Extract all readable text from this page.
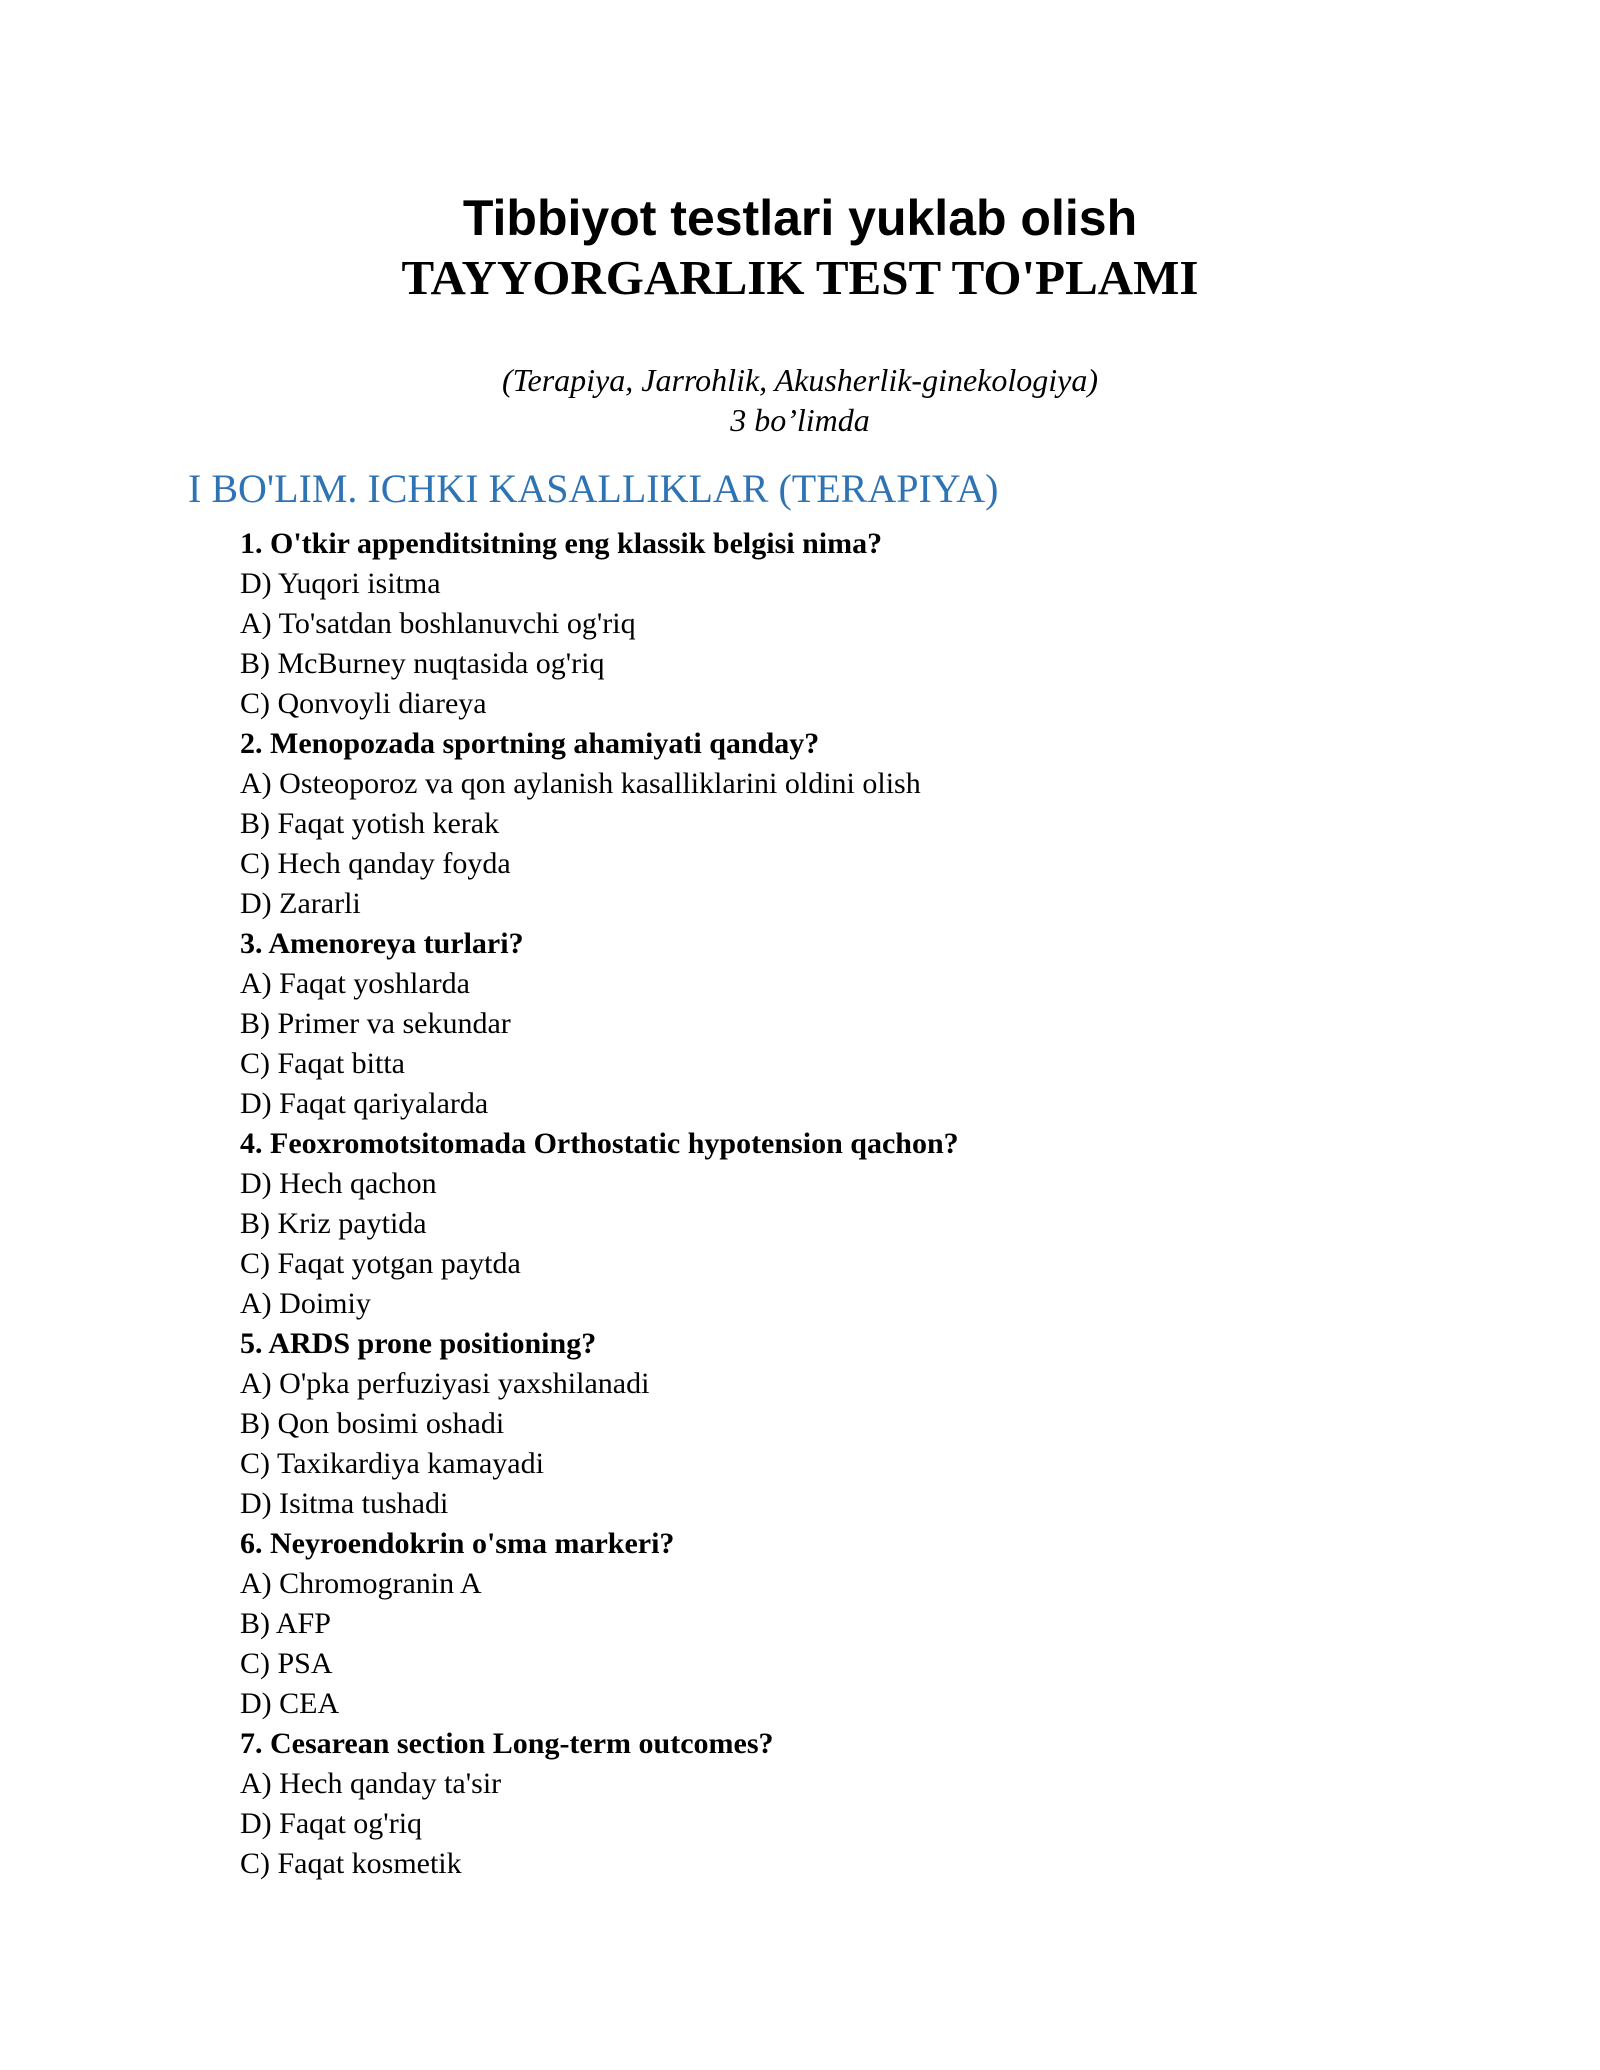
Tibbiyot testlari yuklab olish
TAYYORGARLIK TEST TO'PLAMI
(Terapiya, Jarrohlik, Akusherlik-ginekologiya)
3 bo’limda
I BO'LIM. ICHKI KASALLIKLAR (TERAPIYA)
1. O'tkir appenditsitning eng klassik belgisi nima?
D) Yuqori isitma
A) To'satdan boshlanuvchi og'riq
B) McBurney nuqtasida og'riq
C) Qonvoyli diareya
2. Menopozada sportning ahamiyati qanday?
A) Osteoporoz va qon aylanish kasalliklarini oldini olish
B) Faqat yotish kerak
C) Hech qanday foyda
D) Zararli
3. Amenoreya turlari?
A) Faqat yoshlarda
B) Primer va sekundar
C) Faqat bitta
D) Faqat qariyalarda
4. Feoxromotsitomada Orthostatic hypotension qachon?
D) Hech qachon
B) Kriz paytida
C) Faqat yotgan paytda
A) Doimiy
5. ARDS prone positioning?
A) O'pka perfuziyasi yaxshilanadi
B) Qon bosimi oshadi
C) Taxikardiya kamayadi
D) Isitma tushadi
6. Neyroendokrin o'sma markeri?
A) Chromogranin A
B) AFP
C) PSA
D) CEA
7. Cesarean section Long-term outcomes?
A) Hech qanday ta'sir
D) Faqat og'riq
C) Faqat kosmetik
